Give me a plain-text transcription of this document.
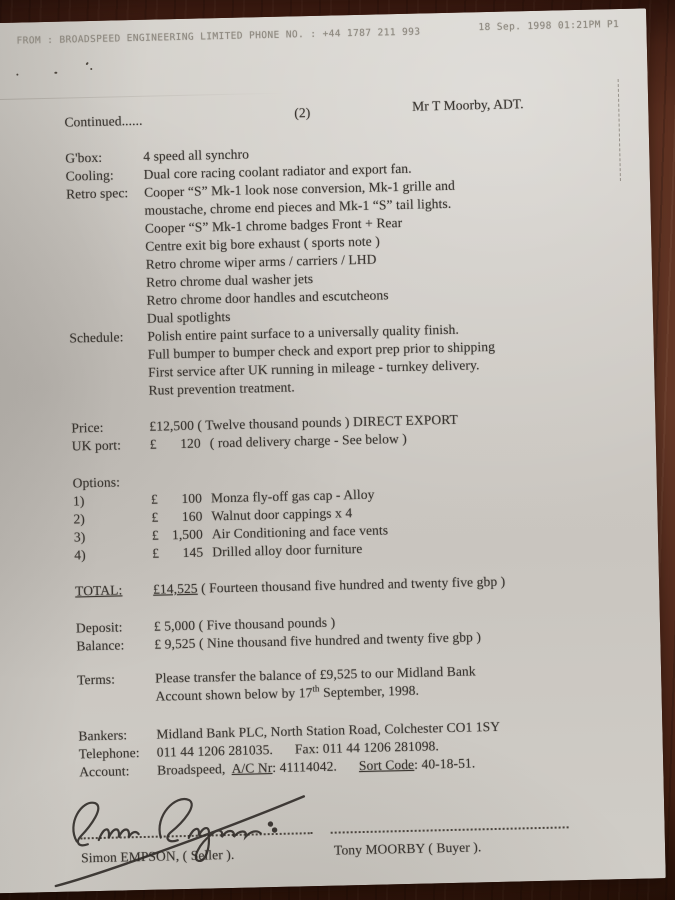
FROM : BROADSPEED ENGINEERING LIMITED PHONE NO. : +44 1787 211 993
18 Sep. 1998 01:21PM P1
Continued......
(2)	Mr T Moorby, ADT.
G'box:	4 speed all synchro
Cooling:	Dual core racing coolant radiator and export fan.
Retro spec:	Cooper “S” Mk-1 look nose conversion, Mk-1 grille and
moustache, chrome end pieces and Mk-1 “S” tail lights.
Cooper “S” Mk-1 chrome badges Front + Rear
Centre exit big bore exhaust ( sports note )
Retro chrome wiper arms / carriers / LHD
Retro chrome dual washer jets
Retro chrome door handles and escutcheons
Dual spotlights
Schedule:	Polish entire paint surface to a universally quality finish.
Full bumper to bumper check and export prep prior to shipping
First service after UK running in mileage - turnkey delivery.
Rust prevention treatment.
Price:	£12,500 ( Twelve thousand pounds ) DIRECT EXPORT
UK port:	£ 120 ( road delivery charge - See below )
Options:
1)	£ 100 Monza fly-off gas cap - Alloy
2)	£ 160 Walnut door cappings x 4
3)	£ 1,500 Air Conditioning and face vents
4)	£ 145 Drilled alloy door furniture
TOTAL:	£14,525 ( Fourteen thousand five hundred and twenty five gbp )
Deposit:	£ 5,000 ( Five thousand pounds )
Balance:	£ 9,525 ( Nine thousand five hundred and twenty five gbp )
Terms:	Please transfer the balance of £9,525 to our Midland Bank
Account shown below by 17th September, 1998.
Bankers:	Midland Bank PLC, North Station Road, Colchester CO1 1SY
Telephone:	011 44 1206 281035. Fax: 011 44 1206 281098.
Account:	Broadspeed,  A/C Nr: 41114042. Sort Code: 40-18-51.
Simon EMPSON, ( Seller ).	Tony MOORBY ( Buyer ).
